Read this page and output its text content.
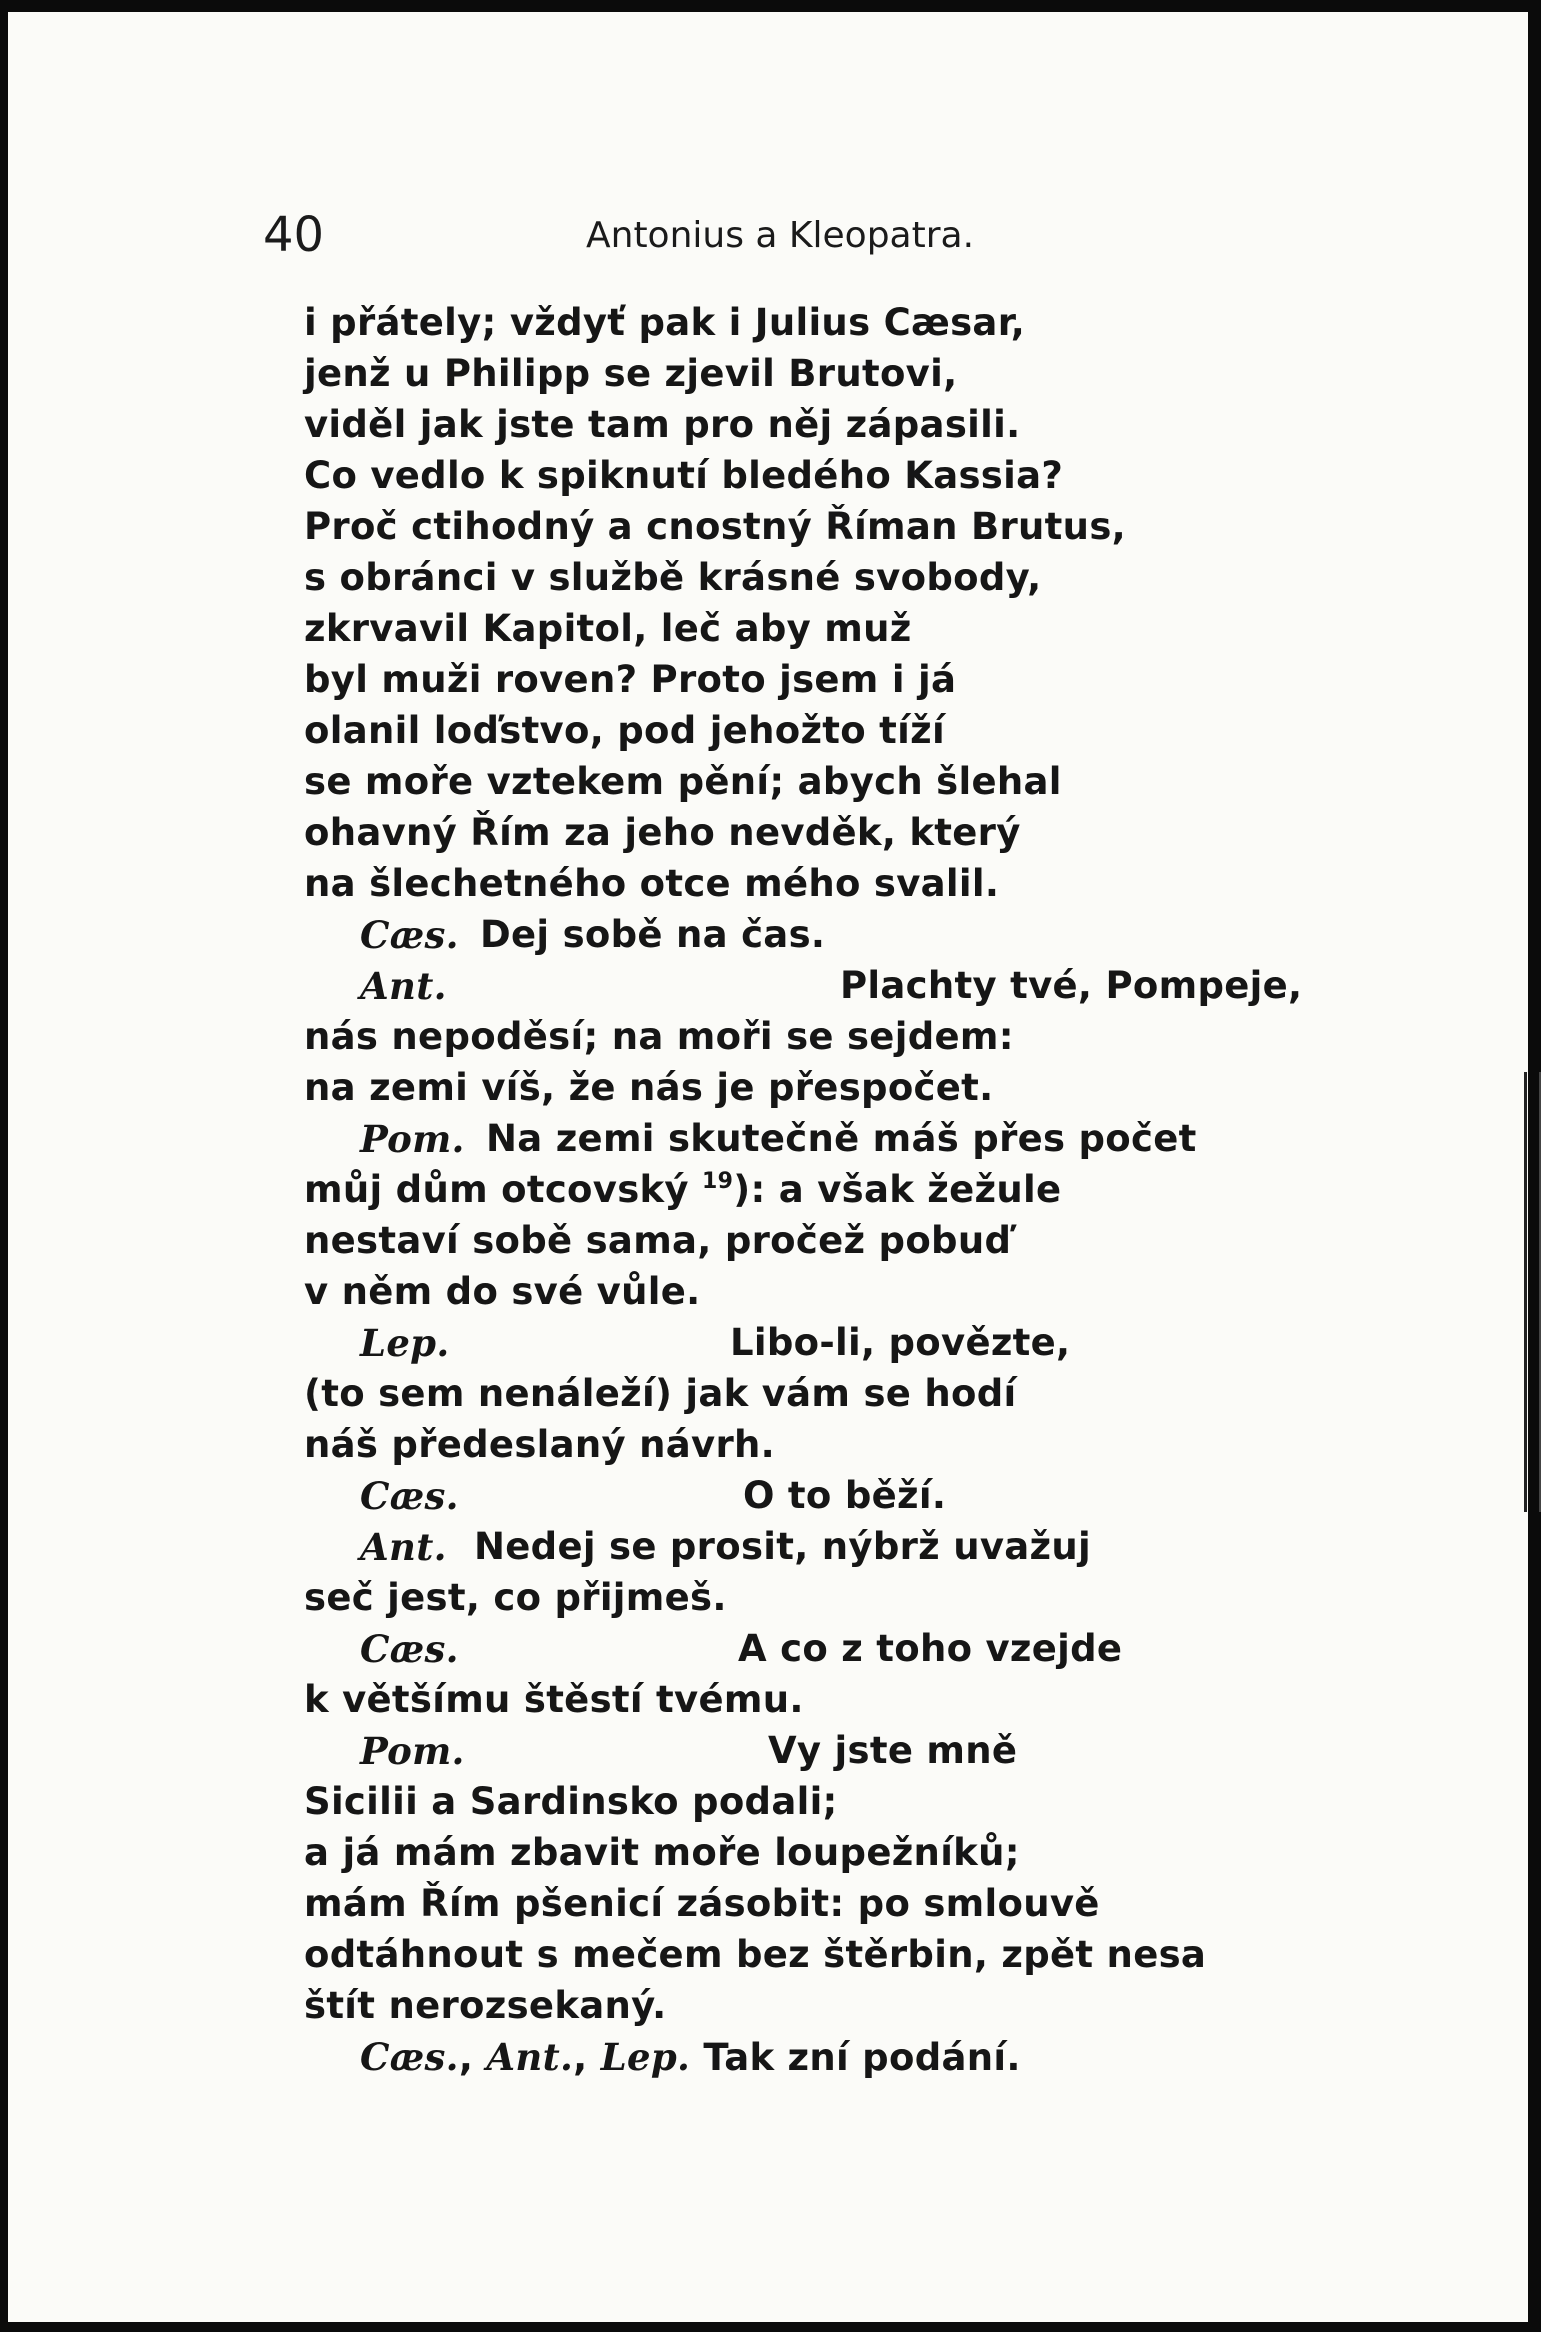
40	Antonius a Kleopatra.
i přátely; vždyť pak i Julius Cæsar,
jenž u Philipp se zjevil Brutovi,
viděl jak jste tam pro něj zápasili.
Co vedlo k spiknutí bledého Kassia?
Proč ctihodný a cnostný Říman Brutus,
s obránci v službě krásné svobody,
zkrvavil Kapitol, leč aby muž
byl muži roven? Proto jsem i já
olanil loďstvo, pod jehožto tíží
se moře vztekem pění; abych šlehal
ohavný Řím za jeho nevděk, který
na šlechetného otce mého svalil.
Cæs. Dej sobě na čas.
Ant.	Plachty tvé, Pompeje,
nás nepoděsí; na moři se sejdem:
na zemi víš, že nás je přespočet.
Pom. Na zemi skutečně máš přes počet
můj dům otcovský $^{19}$): a však žežule
nestaví sobě sama, pročež pobuď
v něm do své vůle.
Lep.	Libo-li, povězte,
(to sem nenáleží) jak vám se hodí
náš předeslaný návrh.
Cæs.	O to běží.
Ant. Nedej se prosit, nýbrž uvažuj
seč jest, co přijmeš.
Cæs.	A co z toho vzejde
k většímu štěstí tvému.
Pom.	Vy jste mně
Sicilii a Sardinsko podali;
a já mám zbavit moře loupežníků;
mám Řím pšenicí zásobit: po smlouvě
odtáhnout s mečem bez štěrbin, zpět nesa
štít nerozsekaný.
Cæs., Ant., Lep. Tak zní podání.
